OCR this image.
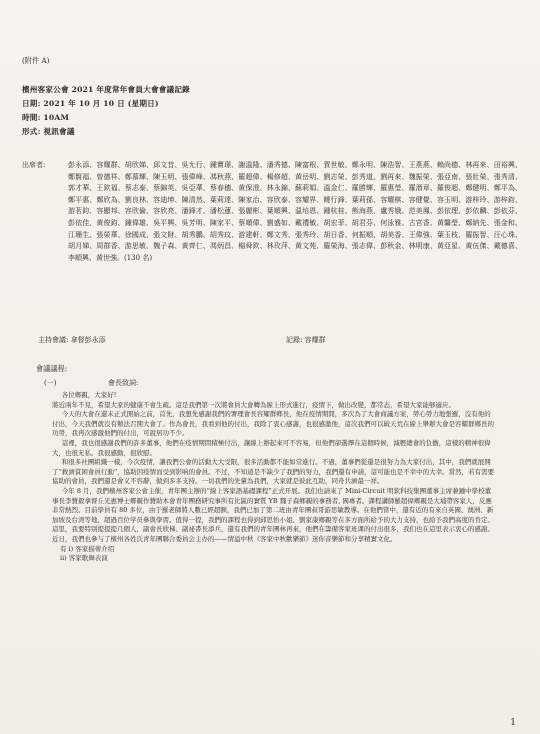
(附件 A)
檳州客家公會 2021 年度常年會員大會會議記錄
日期: 2021 年 10 月 10 日 (星期日)
時間: 10AM
形式: 視訊會議
出席者:	彭永添、容耀群、胡欣娣、邱文昔、吳允行、鍾寶璟、謝溫隆、潘秀德、陳富根、賀世敏、鄭永明、陳浩智、王燕燕、賴尚德、林再來、田裕興、鄭賢福、曾德祥、鄭慕輝、陳玉明、張偉峰、馮秋燕、羅超偉、楊修超、黄岳明、劉志榮、彭秀道、劉再來、魏振榮、張亞南、張壯榮、張秀清、郭才華、王欽福、蔡志泰、蔡錦英、吳亞華、蔡春穗、黄保澄、林永錦、蘇莉娟、溫金仁、羅勝輝、羅惠瑩、羅潛章、羅俊超、鄭健明、鄭平為、鄭平惠、鄭欣為、劉良林、容迪坤、陳清然、葉莉達、陳家治、容欣泰、容耀界、饒行鋒、葉莉孫、容耀棋、容健覺、容玉明、游梓玲、游梓鈞、游茗鈞、容顯邦、容欣倫、容欣亮、潘鋒才、潘松蓮、張麗彬、葉順興、溫培恩、鍾杭桂、熊海燕、盧秀娥、范美鳳、彭依理、彭依麟、彭依芬、彭依佳、黄俊鈞、鍾偉雄、吳平興、吳芳明、陳家平、蔡順偉、劉盛如、戴禮敏、胡宏菲、胡君芬、何泳雅、古宮香、黄馨瑩、鄭納先、張金和、江珊生、張榮華、徐國成、張文財、胡秀鵬、胡秀玟、游建軒、鄭文秀、張秀玲、胡日香、何振順、胡美香、王偉強、葉玉枝、羅振智、汪心珠、胡月娣、周群香、游思敏、魏子森、黄齊仁、馮炳昌、楊舜欽、林玫萍、黄文苑、羅榮海、張志偉、彭秋金、林明康、黄亞星、黄伍傑、戴德喜、李順興、黄世強。(130 名)
主持會議: 拿督彭永添	記錄: 容耀群
會議議程:
(一)	會長致詞:

各位鄉親，大家好!

將近兩年不見，希望大家的健康不會生疏。這是我們第一次將會員大會轉為線上形式進行，疫情下，做出改變，都常态，希望大家能够適应。

今天的大會在還未正式開始之前，首先，我想先感謝我們的署理會長容耀群鄉長，他在疫情期間，多次為了大會商議方案，勞心勞力地張羅，沒有他的付出，今天我們就沒有辦法召開大會了。作為會長，我看到他的付出，我除了衷心感謝，也很感激他，這次我們可以破天荒在線上舉辦大會是容耀群鄉長的功勞，我再次感激他們的付出，可說居功不少。

這裡，我也很感謝我們的許多董事，他們在疫情期間積極付出，讓線上辦起來可不容易，但他們卻選擇在這個時候，減輕總會的負擔，這樣的精神很偉大，也很无私。我很感動，很欣慰。

和很多社團組織一樣，今次疫情，讓我們公會的活動大大受限，很多活動都不能如常進行。不過，董事們從還是很努力為大家付出，其中，我們就展開了“救濟貧困會員行動”，協助因疫情而受到影响的會員。不过，不知道是不缺少了我們的努力，我們還有申請，這可能也是不幸中的大幸。當然，若有需要協助的會員，我們還是會义不容辭，做到多多支持。一切我們的先輩為我們，大家就是彼此互助，同舟共濟最一祥。

今年 8 月，我們檳州客家公會主催，青年團主辦的“線上客家語基礎課程”正式开展。我们也請來了 Mini-Circuit 明欽科技集團董事主席兼鍾中學校董事長李贊毅拿督丘光惠博士鄉親作贊助本會青年團務研究事所有比區的實質 YB 魏子森鄉親的事務者, 國專者。課程講師羅超偉鄉親是大埔帶客家人，反應非常熱烈。目前學員有 80 多位，由于羅老師將人數已經超额，我們已加了第二班由青年團叔哥游思敏教導。在他們當中，還有近的有來自英國、澳洲、新加坡及台湾等地，超過百位学员參與學習。值得一提，我們的課程也得到邱思怡小姐、劉家康鄉親等在多方面所給予的大力支持，也給予我們高度的肯定。這里，我要特别提提提几個人，副會長欣梯、副祕書長添兵，還有我們的青年團林再來，他們在籌備客家班课的付出很多，我们也在這里表示衷心的感謝。

近日，我們也參与了檳州各姓氏青年團聯合委員会主办的——情溢中秋《客家中秋歡樂節》迷你音樂節和分享精實文化。

有 i) 客家描蒂介绍
ii) 客家歌舞表演
1
